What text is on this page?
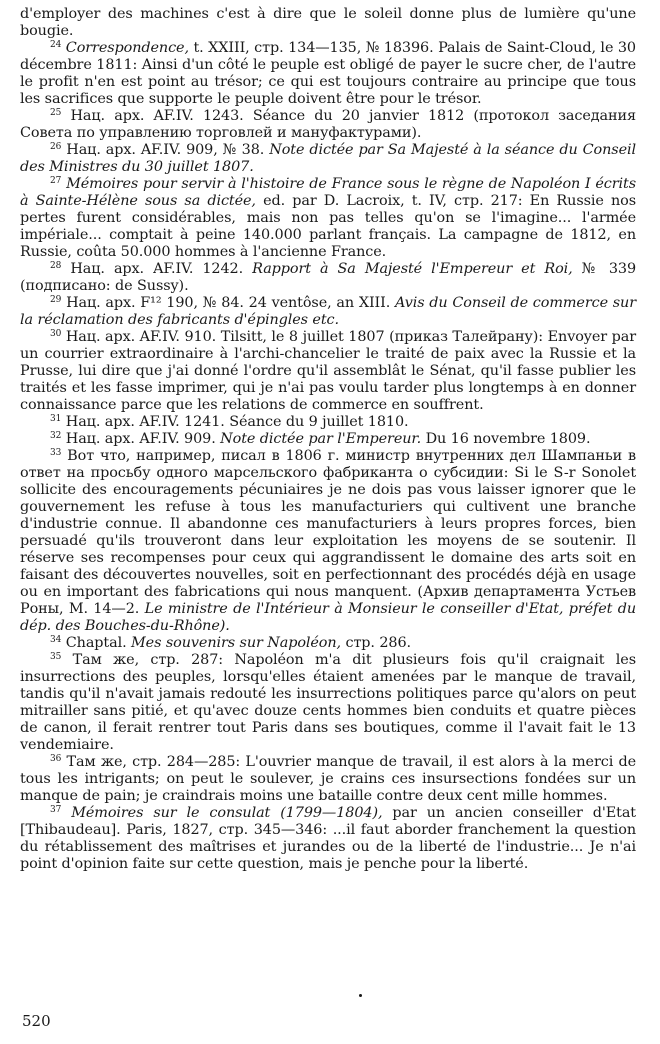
d'employer des machines c'est à dire que le soleil donne plus de lumière qu'une bougie.

$^{24}$ Correspondence, t. XXIII, стр. 134—135, № 18396. Palais de Saint-Cloud, le 30 décembre 1811: Ainsi d'un côté le peuple est obligé de payer le sucre cher, de l'autre le profit n'en est point au trésor; ce qui est toujours contraire au principe que tous les sacrifices que supporte le peuple doivent être pour le trésor.

$^{25}$ Нац. арх. AF.IV. 1243. Séance du 20 janvier 1812 (протокол заседания Совета по управлению торговлей и мануфактурами).

$^{26}$ Нац. арх. AF.IV. 909, № 38. Note dictée par Sa Majesté à la séance du Conseil des Ministres du 30 juillet 1807.

$^{27}$ Mémoires pour servir à l'histoire de France sous le règne de Napoléon I écrits à Sainte-Hélène sous sa dictée, ed. par D. Lacroix, t. IV, стр. 217: En Russie nos pertes furent considérables, mais non pas telles qu'on se l'imagine... l'armée impériale... comptait à peine 140.000 parlant français. La campagne de 1812, en Russie, coûta 50.000 hommes à l'ancienne France.

$^{28}$ Нац. арх. AF.IV. 1242. Rapport à Sa Majesté l'Empereur et Roi, № 339 (подписано: de Sussy).

$^{29}$ Нац. арх. F¹² 190, № 84. 24 ventôse, an XIII. Avis du Conseil de commerce sur la réclamation des fabricants d'épingles etc.

$^{30}$ Нац. арх. AF.IV. 910. Tilsitt, le 8 juillet 1807 (приказ Талейрану): Envoyer par un courrier extraordinaire à l'archi-chancelier le traité de paix avec la Russie et la Prusse, lui dire que j'ai donné l'ordre qu'il assemblât le Sénat, qu'il fasse publier les traités et les fasse imprimer, qui je n'ai pas voulu tarder plus longtemps à en donner connaissance parce que les relations de commerce en souffrent.

$^{31}$ Нац. арх. AF.IV. 1241. Séance du 9 juillet 1810.

$^{32}$ Нац. арх. AF.IV. 909. Note dictée par l'Empereur. Du 16 novembre 1809.

$^{33}$ Вот что, например, писал в 1806 г. министр внутренних дел Шампаньи в ответ на просьбу одного марсельского фабриканта о субсидии: Si le S-r Sonolet sollicite des encouragements pécuniaires je ne dois pas vous laisser ignorer que le gouvernement les refuse à tous les manufacturiers qui cultivent une branche d'industrie connue. Il abandonne ces manufacturiers à leurs propres forces, bien persuadé qu'ils trouveront dans leur exploitation les moyens de se soutenir. Il réserve ses recompenses pour ceux qui aggrandissent le domaine des arts soit en faisant des découvertes nouvelles, soit en perfectionnant des procédés déjà en usage ou en important des fabrications qui nous manquent. (Архив департамента Устьев Роны, M. 14—2. Le ministre de l'Intérieur à Monsieur le conseiller d'Etat, préfet du dép. des Bouches-du-Rhône).

$^{34}$ Chaptal. Mes souvenirs sur Napoléon, стр. 286.

$^{35}$ Там же, стр. 287: Napoléon m'a dit plusieurs fois qu'il craignait les insurrections des peuples, lorsqu'elles étaient amenées par le manque de travail, tandis qu'il n'avait jamais redouté les insurrections politiques parce qu'alors on peut mitrailler sans pitié, et qu'avec douze cents hommes bien conduits et quatre pièces de canon, il ferait rentrer tout Paris dans ses boutiques, comme il l'avait fait le 13 vendemiaire.

$^{36}$ Там же, стр. 284—285: L'ouvrier manque de travail, il est alors à la merci de tous les intrigants; on peut le soulever, je crains ces insursections fondées sur un manque de pain; je craindrais moins une bataille contre deux cent mille hommes.

$^{37}$ Mémoires sur le consulat (1799—1804), par un ancien conseiller d'Etat [Thibaudeau]. Paris, 1827, стр. 345—346: ...il faut aborder franchement la question du rétablissement des maîtrises et jurandes ou de la liberté de l'industrie... Je n'ai point d'opinion faite sur cette question, mais je penche pour la liberté.

520
